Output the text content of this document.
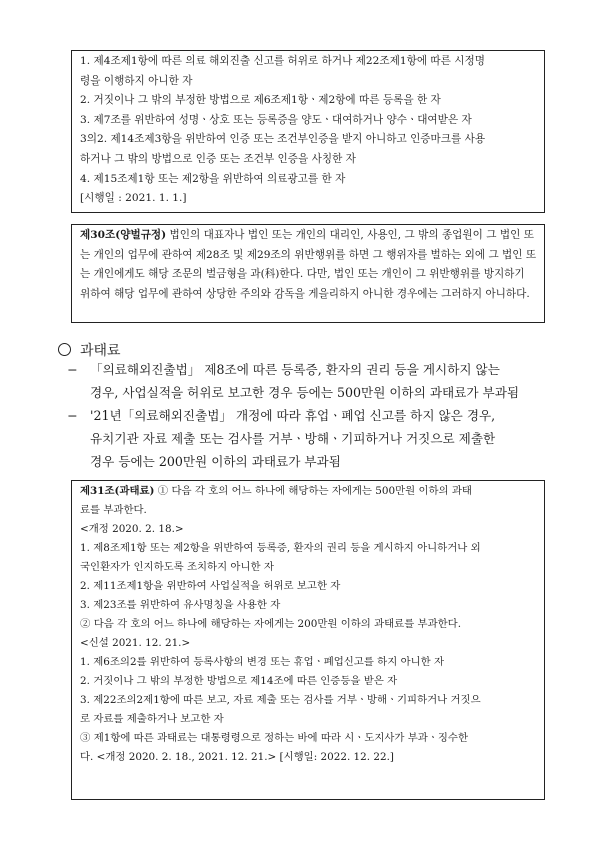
1. 제4조제1항에 따른 의료 해외진출 신고를 허위로 하거나 제22조제1항에 따른 시정명

령을 이행하지 아니한 자

2. 거짓이나 그 밖의 부정한 방법으로 제6조제1항ㆍ제2항에 따른 등록을 한 자

3. 제7조를 위반하여 성명ㆍ상호 또는 등록증을 양도ㆍ대여하거나 양수ㆍ대여받은 자

3의2. 제14조제3항을 위반하여 인증 또는 조건부인증을 받지 아니하고 인증마크를 사용

하거나 그 밖의 방법으로 인증 또는 조건부 인증을 사칭한 자

4. 제15조제1항 또는 제2항을 위반하여 의료광고를 한 자

[시행일 : 2021. 1. 1.]

제30조(양벌규정) 법인의 대표자나 법인 또는 개인의 대리인, 사용인, 그 밖의 종업원이 그 법인 또는 개인의 업무에 관하여 제28조 및 제29조의 위반행위를 하면 그 행위자를 벌하는 외에 그 법인 또는 개인에게도 해당 조문의 벌금형을 과(科)한다. 다만, 법인 또는 개인이 그 위반행위를 방지하기 위하여 해당 업무에 관하여 상당한 주의와 감독을 게을리하지 아니한 경우에는 그러하지 아니하다.

과태료
− 「의료해외진출법」 제8조에 따른 등록증, 환자의 권리 등을 게시하지 않는
경우, 사업실적을 허위로 보고한 경우 등에는 500만원 이하의 과태료가 부과됨
− '21년「의료해외진출법」 개정에 따라 휴업ㆍ폐업 신고를 하지 않은 경우,
유치기관 자료 제출 또는 검사를 거부ㆍ방해ㆍ기피하거나 거짓으로 제출한
경우 등에는 200만원 이하의 과태료가 부과됨

제31조(과태료) ① 다음 각 호의 어느 하나에 해당하는 자에게는 500만원 이하의 과태

료를 부과한다.

<개정 2020. 2. 18.>

1. 제8조제1항 또는 제2항을 위반하여 등록증, 환자의 권리 등을 게시하지 아니하거나 외

국인환자가 인지하도록 조치하지 아니한 자

2. 제11조제1항을 위반하여 사업실적을 허위로 보고한 자

3. 제23조를 위반하여 유사명칭을 사용한 자

② 다음 각 호의 어느 하나에 해당하는 자에게는 200만원 이하의 과태료를 부과한다.

<신설 2021. 12. 21.>

1. 제6조의2를 위반하여 등록사항의 변경 또는 휴업ㆍ폐업신고를 하지 아니한 자

2. 거짓이나 그 밖의 부정한 방법으로 제14조에 따른 인증등을 받은 자

3. 제22조의2제1항에 따른 보고, 자료 제출 또는 검사를 거부ㆍ방해ㆍ기피하거나 거짓으

로 자료를 제출하거나 보고한 자

③ 제1항에 따른 과태료는 대통령령으로 정하는 바에 따라 시ㆍ도지사가 부과ㆍ징수한

다. <개정 2020. 2. 18., 2021. 12. 21.> [시행일: 2022. 12. 22.]
